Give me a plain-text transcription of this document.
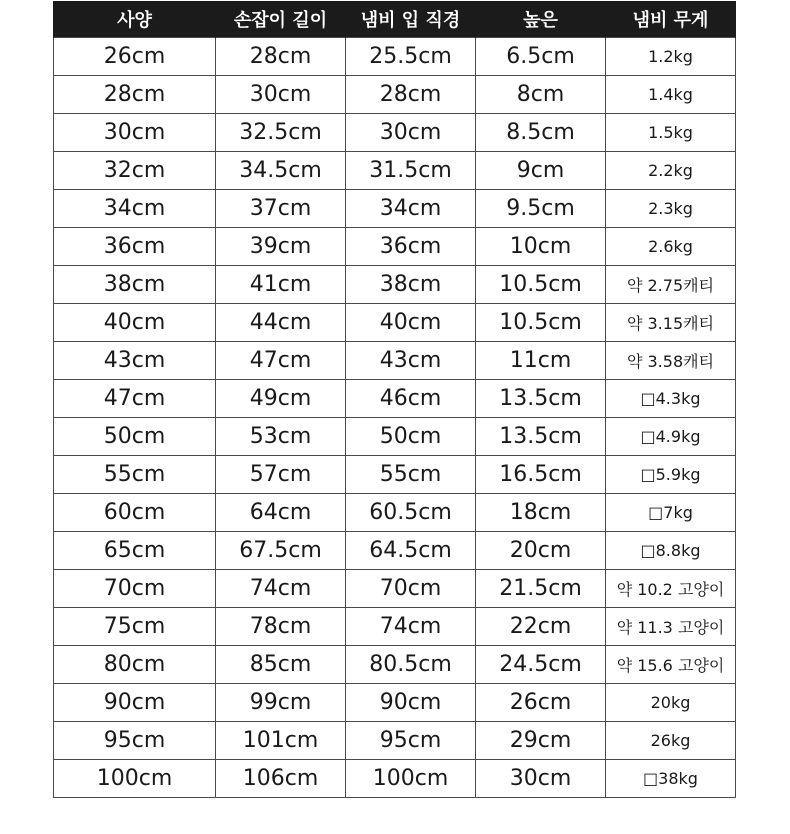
사양	손잡이 길이	냄비 입 직경	높은	냄비 무게
26cm	28cm	25.5cm	6.5cm	1.2kg
28cm	30cm	28cm	8cm	1.4kg
30cm	32.5cm	30cm	8.5cm	1.5kg
32cm	34.5cm	31.5cm	9cm	2.2kg
34cm	37cm	34cm	9.5cm	2.3kg
36cm	39cm	36cm	10cm	2.6kg
38cm	41cm	38cm	10.5cm	약 2.75캐티
40cm	44cm	40cm	10.5cm	약 3.15캐티
43cm	47cm	43cm	11cm	약 3.58캐티
47cm	49cm	46cm	13.5cm	□4.3kg
50cm	53cm	50cm	13.5cm	□4.9kg
55cm	57cm	55cm	16.5cm	□5.9kg
60cm	64cm	60.5cm	18cm	□7kg
65cm	67.5cm	64.5cm	20cm	□8.8kg
70cm	74cm	70cm	21.5cm	약 10.2 고양이
75cm	78cm	74cm	22cm	약 11.3 고양이
80cm	85cm	80.5cm	24.5cm	약 15.6 고양이
90cm	99cm	90cm	26cm	20kg
95cm	101cm	95cm	29cm	26kg
100cm	106cm	100cm	30cm	□38kg
